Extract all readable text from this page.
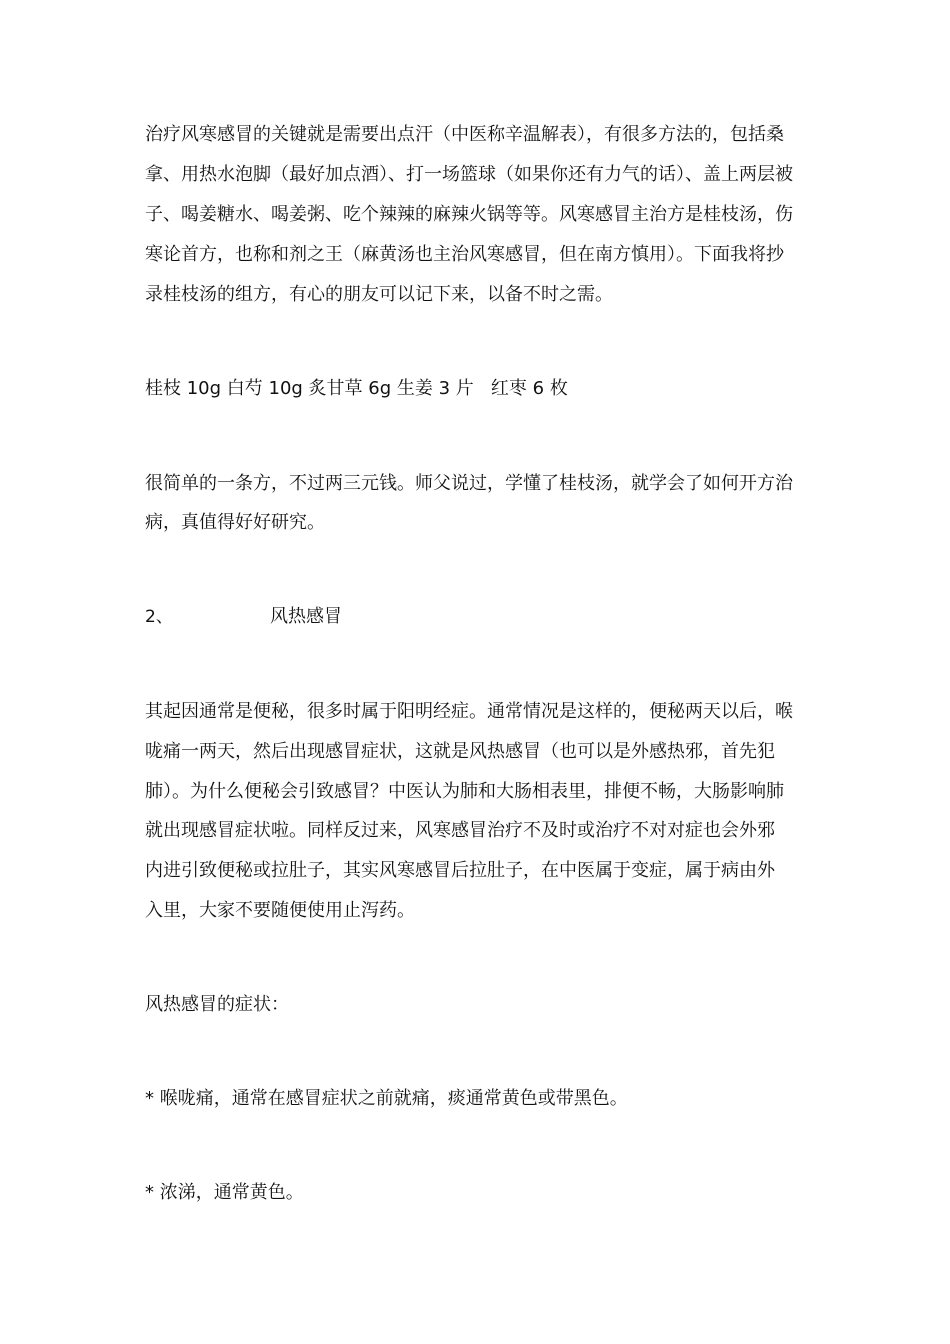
治疗风寒感冒的关键就是需要出点汗（中医称辛温解表），有很多方法的，包括桑
拿、用热水泡脚（最好加点酒）、打一场篮球（如果你还有力气的话）、盖上两层被
子、喝姜糖水、喝姜粥、吃个辣辣的麻辣火锅等等。风寒感冒主治方是桂枝汤，伤
寒论首方，也称和剂之王（麻黄汤也主治风寒感冒，但在南方慎用）。下面我将抄
录桂枝汤的组方，有心的朋友可以记下来，以备不时之需。
桂枝 10g 白芍 10g 炙甘草 6g 生姜 3 片   红枣 6 枚
很简单的一条方，不过两三元钱。师父说过，学懂了桂枝汤，就学会了如何开方治
病，真值得好好研究。
2、	风热感冒
其起因通常是便秘，很多时属于阳明经症。通常情况是这样的，便秘两天以后，喉
咙痛一两天，然后出现感冒症状，这就是风热感冒（也可以是外感热邪，首先犯
肺）。为什么便秘会引致感冒？中医认为肺和大肠相表里，排便不畅，大肠影响肺
就出现感冒症状啦。同样反过来，风寒感冒治疗不及时或治疗不对对症也会外邪
内进引致便秘或拉肚子，其实风寒感冒后拉肚子，在中医属于变症，属于病由外
入里，大家不要随便使用止泻药。
风热感冒的症状：
* 喉咙痛，通常在感冒症状之前就痛，痰通常黄色或带黑色。
* 浓涕，通常黄色。
